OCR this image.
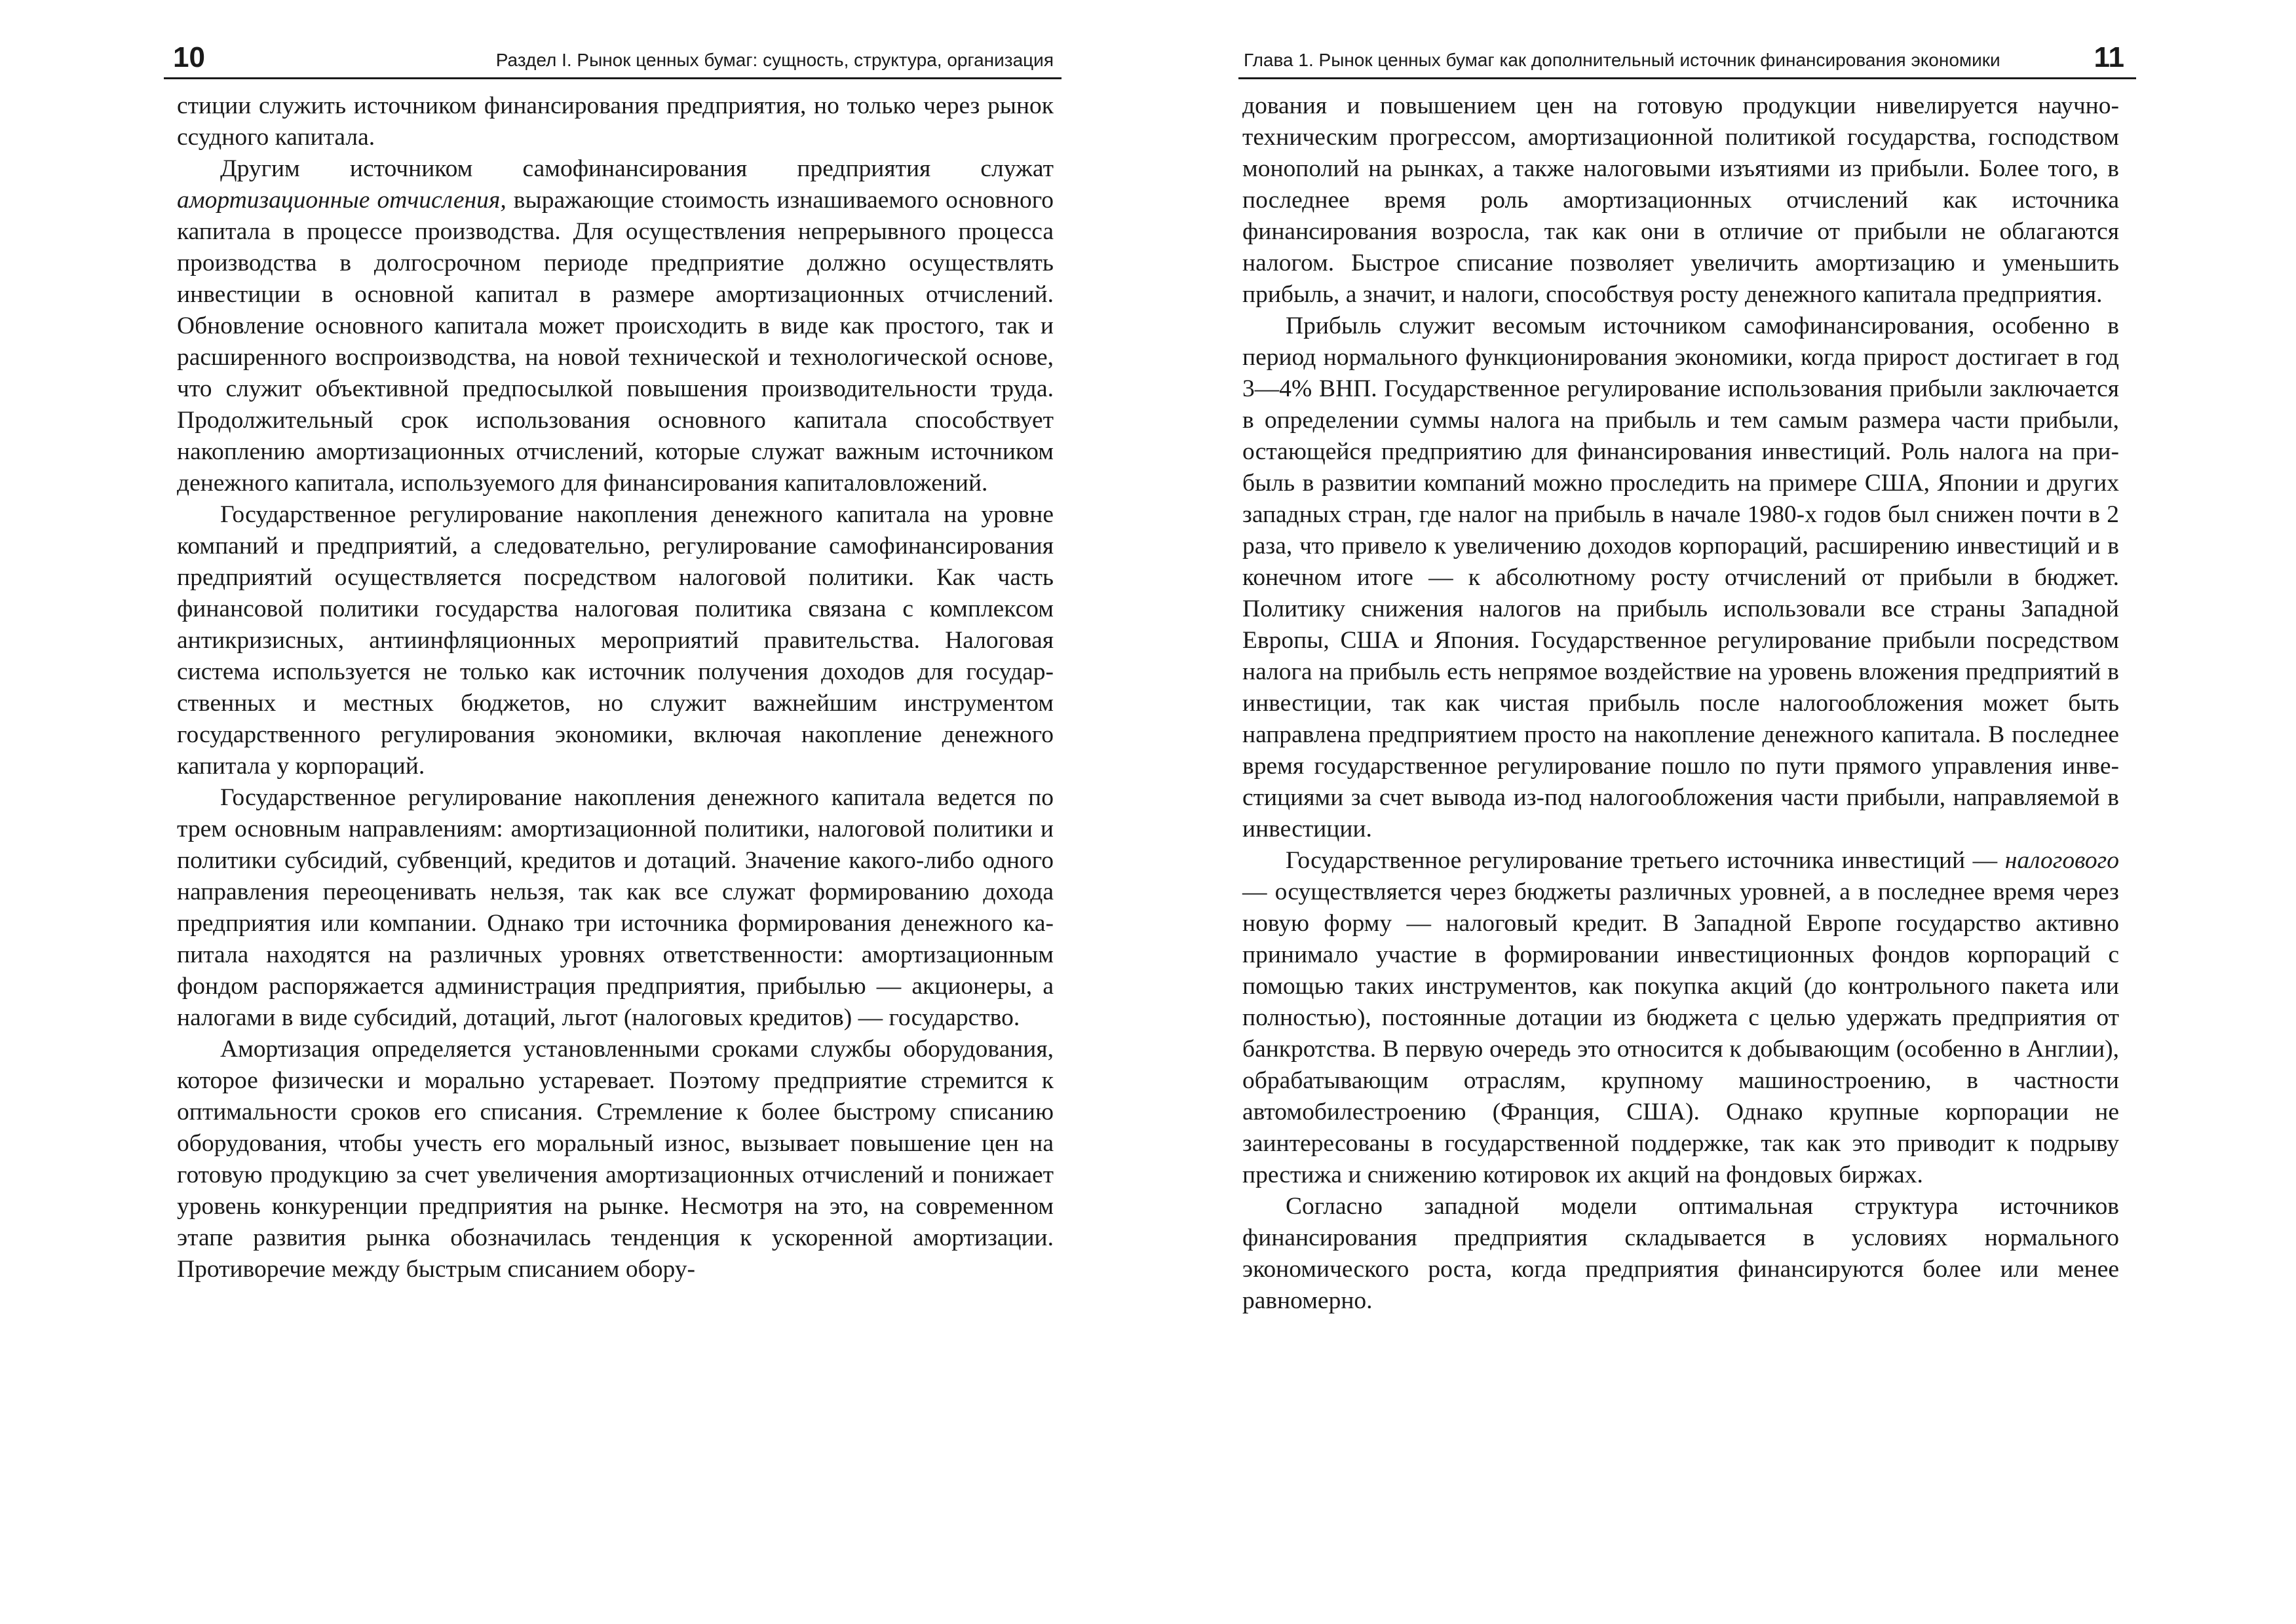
10	Раздел I. Рынок ценных бумаг: сущность, структура, организация

стиции служить источником финансирования предприятия, но только через рынок ссудного капитала.

Другим источником самофинансирования предприятия служат амортизационные отчисления, выражающие стоимость изнашиваемого основного капитала в процессе производства. Для осуществления непрерывного процесса производства в долгосрочном периоде предприятие должно осуществлять инвестиции в основной капитал в размере амортизационных отчислений. Обновление основного капитала может происходить в виде как простого, так и расширенного воспроизводства, на новой технической и технологической основе, что служит объективной предпосылкой повышения производительности труда. Продолжительный срок использования основного капитала способствует накоплению амортизационных отчислений, которые служат важным источником денежного капитала, используемого для финансирования капиталовложений.

Государственное регулирование накопления денежного капитала на уровне компаний и предприятий, а следовательно, регулирование самофинансирования предприятий осуществляется посредством налоговой политики. Как часть финансовой политики государства налоговая политика связана с комплексом антикризисных, антиинфляционных мероприятий правительства. Налоговая система используется не только как источник получения доходов для государственных и местных бюджетов, но служит важнейшим инструментом государственного регулирования экономики, включая накопление денежного капитала у корпораций.

Государственное регулирование накопления денежного капитала ведется по трем основным направлениям: амортизационной политики, налоговой политики и политики субсидий, субвенций, кредитов и дотаций. Значение какого-либо одного направления переоценивать нельзя, так как все служат формированию дохода предприятия или компании. Однако три источника формирования денежного капитала находятся на различных уровнях ответственности: амортизационным фондом распоряжается администрация предприятия, прибылью — акционеры, а налогами в виде субсидий, дотаций, льгот (налоговых кредитов) — государство.

Амортизация определяется установленными сроками службы оборудования, которое физически и морально устаревает. Поэтому предприятие стремится к оптимальности сроков его списания. Стремление к более быстрому списанию оборудования, чтобы учесть его моральный износ, вызывает повышение цен на готовую продукцию за счет увеличения амортизационных отчислений и понижает уровень конкуренции предприятия на рынке. Несмотря на это, на современном этапе развития рынка обозначилась тенденция к ускоренной амортизации. Противоречие между быстрым списанием обору-

Глава 1. Рынок ценных бумаг как дополнительный источник финансирования экономики	11

дования и повышением цен на готовую продукции нивелируется научно-техническим прогрессом, амортизационной политикой государства, господством монополий на рынках, а также налоговыми изъятиями из прибыли. Более того, в последнее время роль амортизационных отчислений как источника финансирования возросла, так как они в отличие от прибыли не облагаются налогом. Быстрое списание позволяет увеличить амортизацию и уменьшить прибыль, а значит, и налоги, способствуя росту денежного капитала предприятия.

Прибыль служит весомым источником самофинансирования, особенно в период нормального функционирования экономики, когда прирост достигает в год 3—4% ВНП. Государственное регулирование использования прибыли заключается в определении суммы налога на прибыль и тем самым размера части прибыли, остающейся предприятию для финансирования инвестиций. Роль налога на прибыль в развитии компаний можно проследить на примере США, Японии и других западных стран, где налог на прибыль в начале 1980-х годов был снижен почти в 2 раза, что привело к увеличению доходов корпораций, расширению инвестиций и в конечном итоге — к абсолютному росту отчислений от прибыли в бюджет. Политику снижения налогов на прибыль использовали все страны Западной Европы, США и Япония. Государственное регулирование прибыли посредством налога на прибыль есть непрямое воздействие на уровень вложения предприятий в инвестиции, так как чистая прибыль после налогообложения может быть направлена предприятием просто на накопление денежного капитала. В последнее время государственное регулирование пошло по пути прямого управления инвестициями за счет вывода из-под налогообложения части прибыли, направляемой в инвестиции.

Государственное регулирование третьего источника инвестиций — налогового — осуществляется через бюджеты различных уровней, а в последнее время через новую форму — налоговый кредит. В Западной Европе государство активно принимало участие в формировании инвестиционных фондов корпораций с помощью таких инструментов, как покупка акций (до контрольного пакета или полностью), постоянные дотации из бюджета с целью удержать предприятия от банкротства. В первую очередь это относится к добывающим (особенно в Англии), обрабатывающим отраслям, крупному машиностроению, в частности автомобилестроению (Франция, США). Однако крупные корпорации не заинтересованы в государственной поддержке, так как это приводит к подрыву престижа и снижению котировок их акций на фондовых биржах.

Согласно западной модели оптимальная структура источников финансирования предприятия складывается в условиях нормального экономического роста, когда предприятия финансируются более или менее равномерно.
